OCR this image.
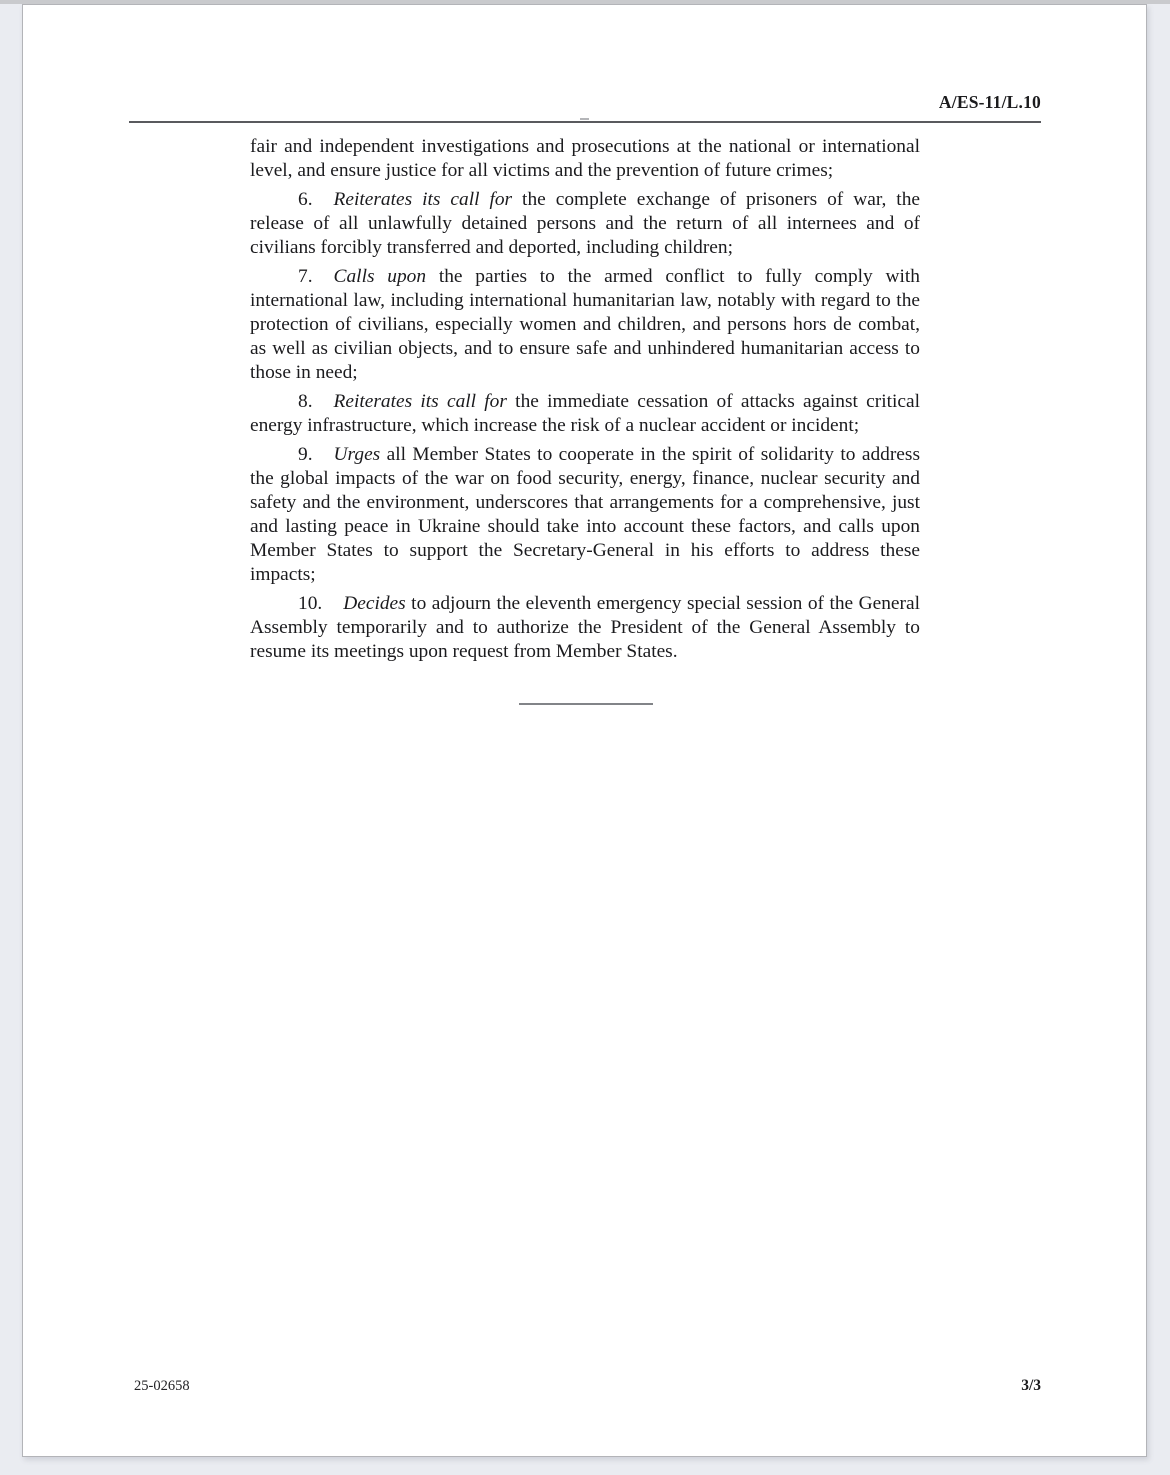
A/ES-11/L.10

fair and independent investigations and prosecutions at the national or international level, and ensure justice for all victims and the prevention of future crimes;

6. Reiterates its call for the complete exchange of prisoners of war, the release of all unlawfully detained persons and the return of all internees and of civilians forcibly transferred and deported, including children;

7. Calls upon the parties to the armed conflict to fully comply with international law, including international humanitarian law, notably with regard to the protection of civilians, especially women and children, and persons hors de combat, as well as civilian objects, and to ensure safe and unhindered humanitarian access to those in need;

8. Reiterates its call for the immediate cessation of attacks against critical energy infrastructure, which increase the risk of a nuclear accident or incident;

9. Urges all Member States to cooperate in the spirit of solidarity to address the global impacts of the war on food security, energy, finance, nuclear security and safety and the environment, underscores that arrangements for a comprehensive, just and lasting peace in Ukraine should take into account these factors, and calls upon Member States to support the Secretary-General in his efforts to address these impacts;

10. Decides to adjourn the eleventh emergency special session of the General Assembly temporarily and to authorize the President of the General Assembly to resume its meetings upon request from Member States.

25-02658	3/3
